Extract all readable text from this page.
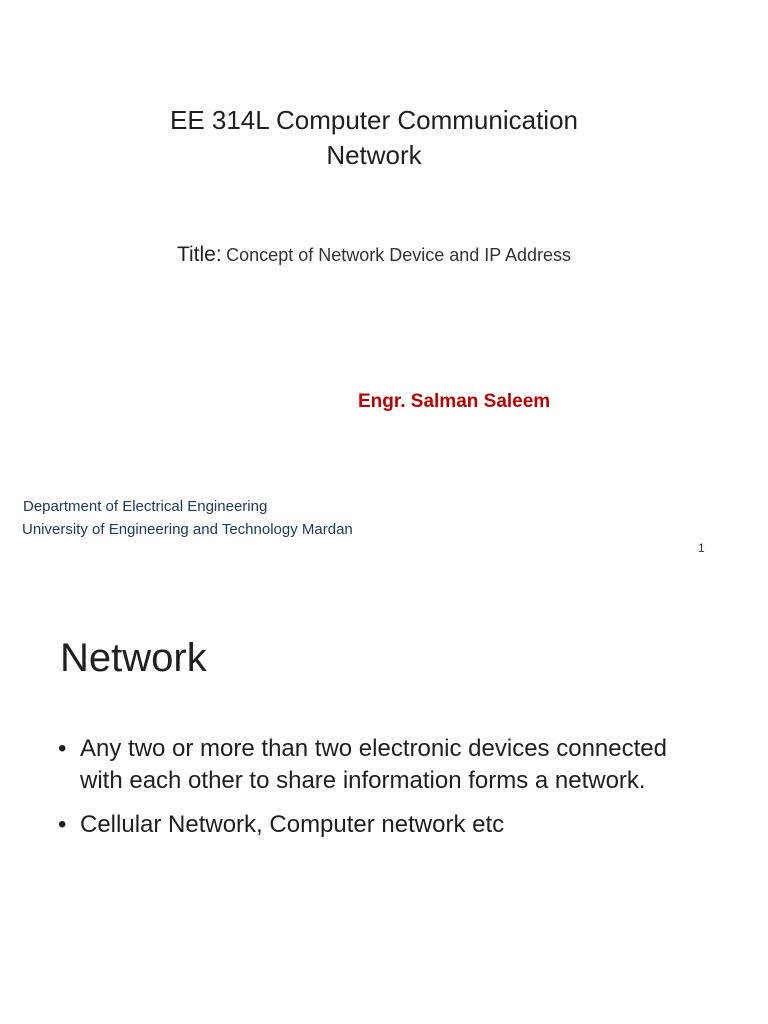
EE 314L Computer Communication
Network
Title: Concept of Network Device and IP Address
Engr. Salman Saleem
Department of Electrical Engineering
University of Engineering and Technology Mardan
1
Network
• Any two or more than two electronic devices connected with each other to share information forms a network.
• Cellular Network, Computer network etc
